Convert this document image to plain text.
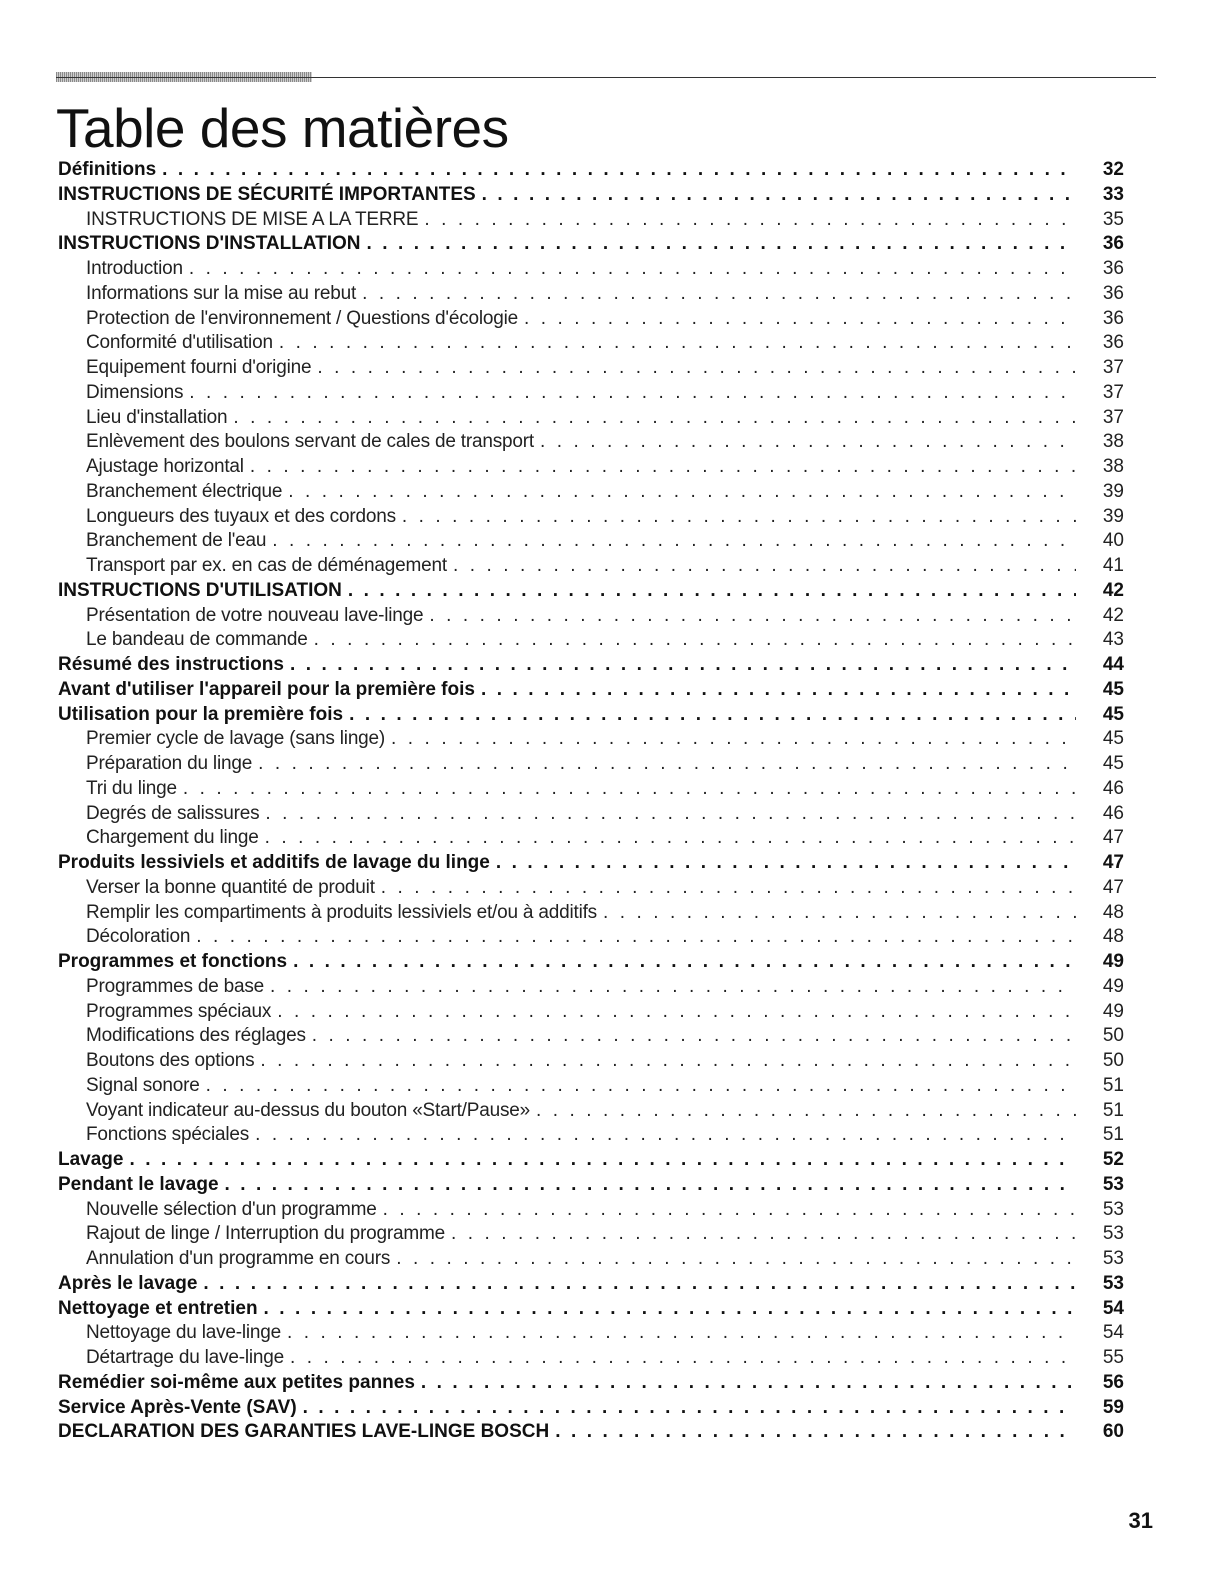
Table des matières
Définitions . . .	32
INSTRUCTIONS DE SÉCURITÉ IMPORTANTES . . .	33
INSTRUCTIONS DE MISE A LA TERRE . . .	35
INSTRUCTIONS D'INSTALLATION . . .	36
Introduction . . .	36
Informations sur la mise au rebut . . .	36
Protection de l'environnement / Questions d'écologie . . .	36
Conformité d'utilisation . . .	36
Equipement fourni d'origine . . .	37
Dimensions . . .	37
Lieu d'installation . . .	37
Enlèvement des boulons servant de cales de transport . . .	38
Ajustage horizontal . . .	38
Branchement électrique . . .	39
Longueurs des tuyaux et des cordons . . .	39
Branchement de l'eau . . .	40
Transport par ex. en cas de déménagement . . .	41
INSTRUCTIONS D'UTILISATION . . .	42
Présentation de votre nouveau lave-linge . . .	42
Le bandeau de commande . . .	43
Résumé des instructions . . .	44
Avant d'utiliser l'appareil pour la première fois . . .	45
Utilisation pour la première fois . . .	45
Premier cycle de lavage (sans linge) . . .	45
Préparation du linge . . .	45
Tri du linge . . .	46
Degrés de salissures . . .	46
Chargement du linge . . .	47
Produits lessiviels et additifs de lavage du linge . . .	47
Verser la bonne quantité de produit . . .	47
Remplir les compartiments à produits lessiviels et/ou à additifs . . .	48
Décoloration . . .	48
Programmes et fonctions . . .	49
Programmes de base . . .	49
Programmes spéciaux . . .	49
Modifications des réglages . . .	50
Boutons des options . . .	50
Signal sonore . . .	51
Voyant indicateur au-dessus du bouton «Start/Pause» . . .	51
Fonctions spéciales . . .	51
Lavage . . .	52
Pendant le lavage . . .	53
Nouvelle sélection d'un programme . . .	53
Rajout de linge / Interruption du programme . . .	53
Annulation d'un programme en cours . . .	53
Après le lavage . . .	53
Nettoyage et entretien . . .	54
Nettoyage du lave-linge . . .	54
Détartrage du lave-linge . . .	55
Remédier soi-même aux petites pannes . . .	56
Service Après-Vente (SAV) . . .	59
DECLARATION DES GARANTIES LAVE-LINGE BOSCH . . .	60
31
